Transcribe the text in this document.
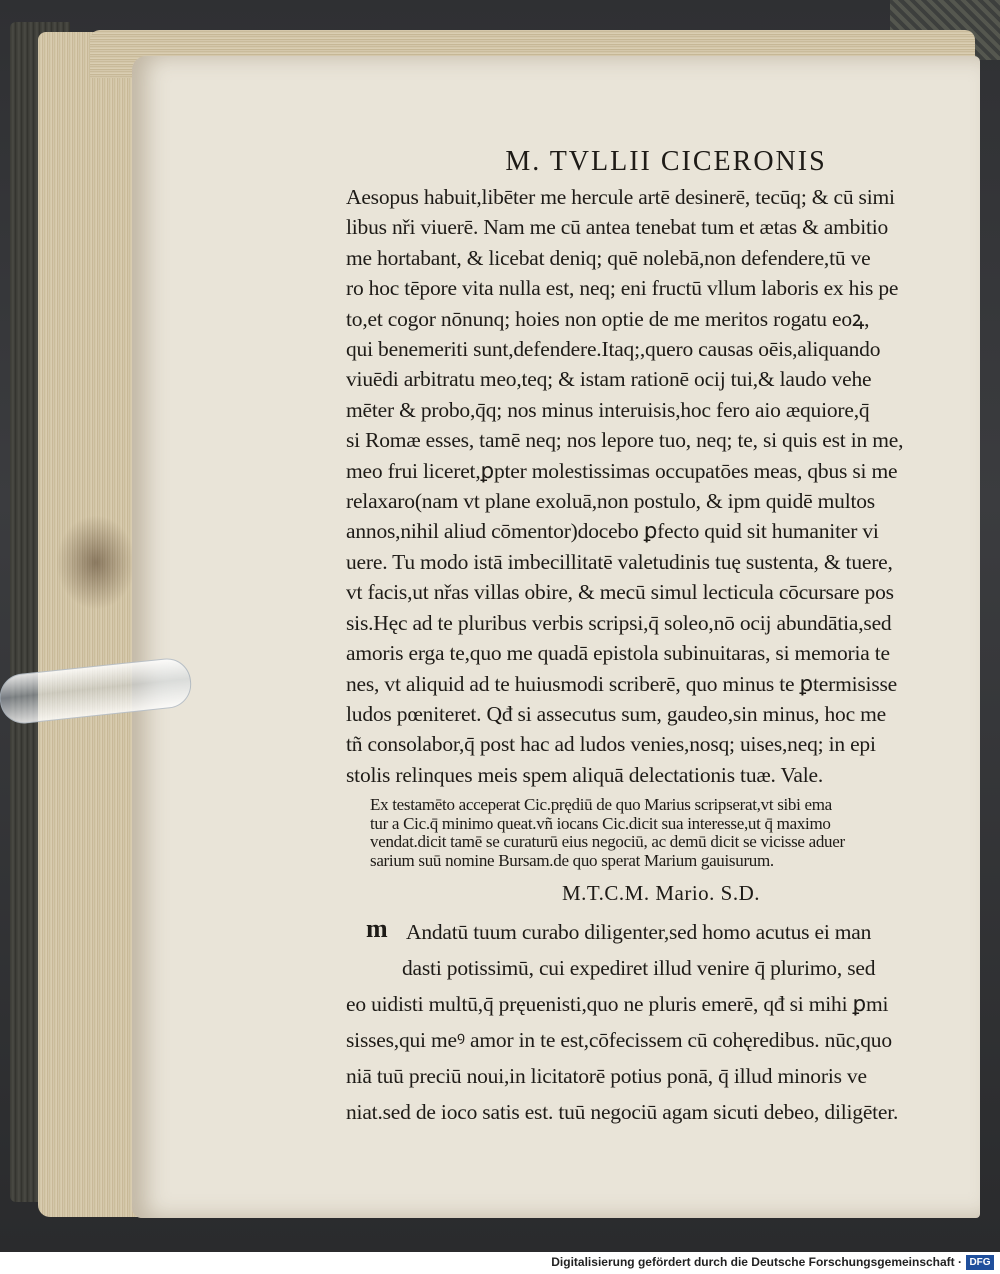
M. TVLLII CICERONIS
Aesopus habuit,libēter me hercule artē desinerē, tecūq; & cū simi
libus nři viuerē. Nam me cū antea tenebat tum et ætas & ambitio
me hortabant, & licebat deniq; quē nolebā,non defendere,tū ve
ro hoc tēpore vita nulla est, neq; eni fructū vllum laboris ex his pe
to,et cogor nōnunq; hoies non optie de me meritos rogatu eoꝝ,
qui benemeriti sunt,defendere.Itaq;,quero causas oēis,aliquando
viuēdi arbitratu meo,teq; & istam rationē ocij tui,& laudo vehe
mēter & probo,q̄q; nos minus interuisis,hoc fero aio æquiore,q̄
si Romæ esses, tamē neq; nos lepore tuo, neq; te, si quis est in me,
meo frui liceret,ꝑpter molestissimas occupatōes meas, qbus si me
relaxaro(nam vt plane exoluā,non postulo, & ipm quidē multos
annos,nihil aliud cōmentor)docebo ꝑfecto quid sit humaniter vi
uere. Tu modo istā imbecillitatē valetudinis tuę sustenta, & tuere,
vt facis,ut nřas villas obire, & mecū simul lecticula cōcursare pos
sis.Hęc ad te pluribus verbis scripsi,q̄ soleo,nō ocij abundātia,sed
amoris erga te,quo me quadā epistola subinuitaras, si memoria te
nes, vt aliquid ad te huiusmodi scriberē, quo minus te ꝑtermisisse
ludos pœniteret. Qđ si assecutus sum, gaudeo,sin minus, hoc me
tñ consolabor,q̄ post hac ad ludos venies,nosq; uises,neq; in epi
stolis relinques meis spem aliquā delectationis tuæ. Vale.
Ex testamēto acceperat Cic.prędiū de quo Marius scripserat,vt sibi ema
tur a Cic.q̄ minimo queat.vñ iocans Cic.dicit sua interesse,ut q̄ maximo
vendat.dicit tamē se curaturū eius negociū, ac demū dicit se vicisse aduer
sarium suū nomine Bursam.de quo sperat Marium gauisurum.
M.T.C.M. Mario. S.D.
m Andatū tuum curabo diligenter,sed homo acutus ei man
dasti potissimū, cui expediret illud venire q̄ plurimo, sed
eo uidisti multū,q̄ pręuenisti,quo ne pluris emerē, qđ si mihi ꝑmi
sisses,qui meꝰ amor in te est,cōfecissem cū cohęredibus. nūc,quo
niā tuū preciū noui,in licitatorē potius ponā, q̄ illud minoris ve
niat.sed de ioco satis est. tuū negociū agam sicuti debeo, diligēter.
Digitalisierung gefördert durch die Deutsche Forschungsgemeinschaft · DFG
